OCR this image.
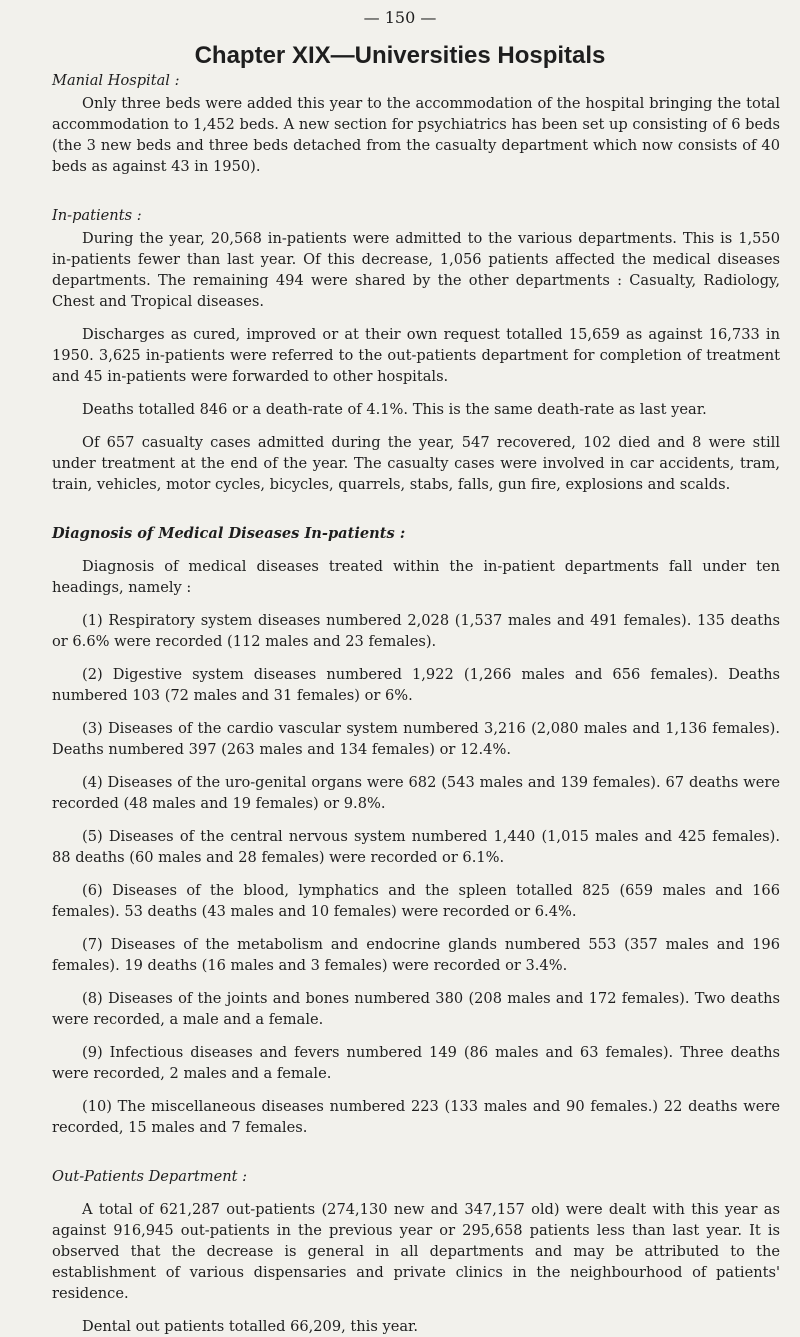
— 150 —
Chapter XIX—Universities Hospitals
Manial Hospital :

Only three beds were added this year to the accommodation of the hospital bringing the total accommodation to 1,452 beds. A new section for psychiatrics has been set up consisting of 6 beds (the 3 new beds and three beds detached from the casualty department which now consists of 40 beds as against 43 in 1950).

In-patients :

During the year, 20,568 in-patients were admitted to the various departments. This is 1,550 in-patients fewer than last year. Of this decrease, 1,056 patients affected the medical diseases departments. The remaining 494 were shared by the other departments : Casualty, Radiology, Chest and Tropical diseases.

Discharges as cured, improved or at their own request totalled 15,659 as against 16,733 in 1950. 3,625 in-patients were referred to the out-patients department for completion of treatment and 45 in-patients were forwarded to other hospitals.

Deaths totalled 846 or a death-rate of 4.1%. This is the same death-rate as last year.

Of 657 casualty cases admitted during the year, 547 recovered, 102 died and 8 were still under treatment at the end of the year. The casualty cases were involved in car accidents, tram, train, vehicles, motor cycles, bicycles, quarrels, stabs, falls, gun fire, explosions and scalds.

Diagnosis of Medical Diseases In-patients :

Diagnosis of medical diseases treated within the in-patient departments fall under ten headings, namely :

(1) Respiratory system diseases numbered 2,028 (1,537 males and 491 females). 135 deaths or 6.6% were recorded (112 males and 23 females).

(2) Digestive system diseases numbered 1,922 (1,266 males and 656 females). Deaths numbered 103 (72 males and 31 females) or 6%.

(3) Diseases of the cardio vascular system numbered 3,216 (2,080 males and 1,136 females). Deaths numbered 397 (263 males and 134 females) or 12.4%.

(4) Diseases of the uro-genital organs were 682 (543 males and 139 females). 67 deaths were recorded (48 males and 19 females) or 9.8%.

(5) Diseases of the central nervous system numbered 1,440 (1,015 males and 425 females). 88 deaths (60 males and 28 females) were recorded or 6.1%.

(6) Diseases of the blood, lymphatics and the spleen totalled 825 (659 males and 166 females). 53 deaths (43 males and 10 females) were recorded or 6.4%.

(7) Diseases of the metabolism and endocrine glands numbered 553 (357 males and 196 females). 19 deaths (16 males and 3 females) were recorded or 3.4%.

(8) Diseases of the joints and bones numbered 380 (208 males and 172 females). Two deaths were recorded, a male and a female.

(9) Infectious diseases and fevers numbered 149 (86 males and 63 females). Three deaths were recorded, 2 males and a female.

(10) The miscellaneous diseases numbered 223 (133 males and 90 females.) 22 deaths were recorded, 15 males and 7 females.

Out-Patients Department :

A total of 621,287 out-patients (274,130 new and 347,157 old) were dealt with this year as against 916,945 out-patients in the previous year or 295,658 patients less than last year. It is observed that the decrease is general in all departments and may be attributed to the establishment of various dispensaries and private clinics in the neighbourhood of patients' residence.

Dental out patients totalled 66,209, this year.
